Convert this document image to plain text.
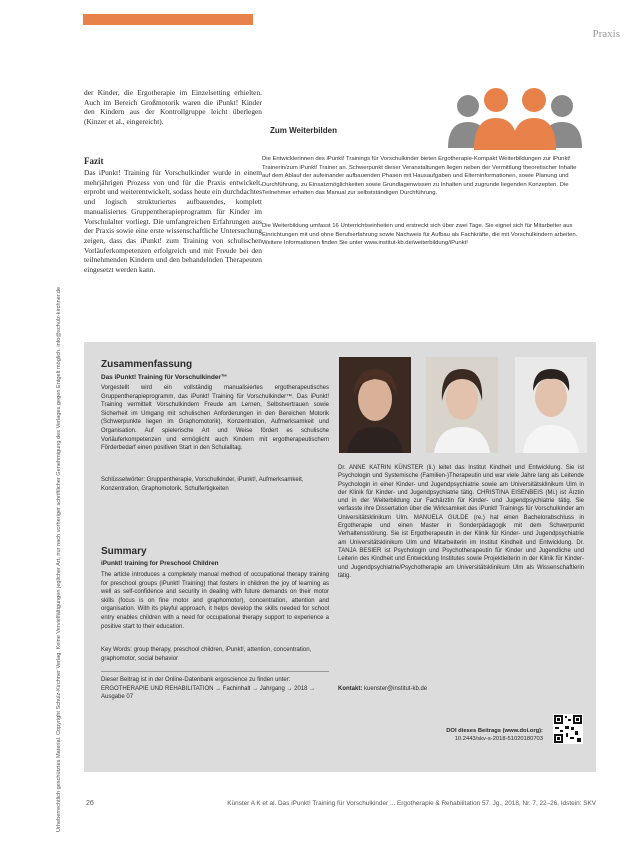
Praxis
Urheberrechtlich geschütztes Material. Copyright Schulz-Kirchner Verlag. Keine Vervielfältigungen jeglicher Art, nur nach vorheriger schriftlicher Genehmigung des Verlages gegen Entgelt möglich. info@schulz-kirchner.de
der Kinder, die Ergotherapie im Einzelsetting erhielten. Auch im Bereich Großmotorik waren die iPunkt! Kinder den Kindern aus der Kontrollgruppe leicht überlegen (Kinzer et al., eingereicht).
Fazit
Das iPunkt! Training für Vorschulkinder wurde in einem mehrjährigen Prozess von und für die Praxis entwickelt, erprobt und weiterentwickelt, sodass heute ein durchdachtes und logisch strukturiertes aufbauendes, komplett manualisiertes Gruppentherapieprogramm für Kinder im Vorschulalter vorliegt. Die umfangreichen Erfahrungen aus der Praxis sowie eine erste wissenschaftliche Untersuchung zeigen, dass das iPunkt! zum Training von schulischen Vorläuferkompetenzen erfolgreich und mit Freude bei den teilnehmenden Kindern und den behandelnden Therapeuten eingesetzt werden kann.
Zum Weiterbilden
Die Entwicklerinnen des iPunkt! Trainings für Vorschulkinder bieten Ergotherapie-Kompakt Weiterbildungen zur iPunkt! Trainerin/zum iPunkt! Trainer an. Schwerpunkt dieser Veranstaltungen liegen neben der Vermittlung theoretischer Inhalte auf dem Ablauf der aufeinander aufbauenden Phasen mit Hausaufgaben und Elterninformationen, sowie Planung und Durchführung, zu Einsatzmöglichkeiten sowie Grundlagenwissen zu Inhalten und zugrunde liegenden Konzepten. Die Teilnehmer erhalten das Manual zur selbstständigen Durchführung.
Die Weiterbildung umfasst 16 Unterrichtseinheiten und erstreckt sich über zwei Tage. Sie eignet sich für Mitarbeiter aus Einrichtungen mit und ohne Berufserfahrung sowie Nachweis für Aufbau als Fachkräfte, die mit Vorschulkindern arbeiten. Weitere Informationen finden Sie unter www.institut-kb.de/weiterbildung/iPunkt!
Zusammenfassung
Das iPunkt! Training für Vorschulkinder™
Vorgestellt wird ein vollständig manualisiertes ergotherapeutisches Gruppentherapieprogramm, das iPunkt! Training für Vorschulkinder™. Das iPunkt! Training vermittelt Vorschulkindern Freude am Lernen, Selbstvertrauen sowie Sicherheit im Umgang mit schulischen Anforderungen in den Bereichen Motorik (Schwerpunkte liegen im Graphomotorik), Konzentration, Aufmerksamkeit und Organisation. Auf spielerische Art und Weise fördert es schulische Vorläuferkompetenzen und ermöglicht auch Kindern mit ergotherapeutischem Förderbedarf einen positiven Start in den Schulalltag.
Schlüsselwörter: Gruppentherapie, Vorschulkinder, iPunkt!, Aufmerksamkeit, Konzentration, Graphomotorik, Schulfertigkeiten
Summary
iPunkt! training for Preschool Children
The article introduces a completely manual method of occupational therapy training for preschool groups (iPunkt! Training) that fosters in children the joy of learning as well as self-confidence and security in dealing with future demands on their motor skills (focus is on fine motor and graphomotor), concentration, attention and organisation. With its playful approach, it helps develop the skills needed for school entry enables children with a need for occupational therapy support to experience a positive start to their education.
Key Words: group therapy, preschool children, iPunkt!, attention, concentration, graphomotor, social behavior
Dieser Beitrag ist in der Online-Datenbank ergoscience zu finden unter: ERGOTHERAPIE UND REHABILITATION → Fachinhalt → Jahrgang → 2018 → Ausgabe 07
Dr. ANNE KATRIN KÜNSTER (li.) leitet das Institut Kindheit und Entwicklung. Sie ist Psychologin und Systemische (Familien-)Therapeutin und war viele Jahre lang als Leitende Psychologin in einer Kinder- und Jugendpsychiatrie sowie am Universitätsklinikum Ulm in der Klinik für Kinder- und Jugendpsychiatrie tätig. CHRISTINA EISENBEIS (Mi.) ist Ärztin und in der Weiterbildung zur Fachärztin für Kinder- und Jugendpsychiatrie tätig. Sie verfasste ihre Dissertation über die Wirksamkeit des iPunkt! Trainings für Vorschulkinder am Universitätsklinikum Ulm. MANUELA GULDE (re.) hat einen Bachelorabschluss in Ergotherapie und einen Master in Sonderpädagogik mit dem Schwerpunkt Verhaltensstörung. Sie ist Ergotherapeutin in der Klinik für Kinder- und Jugendpsychiatrie am Universitätsklinikum Ulm und Mitarbeiterin im Institut Kindheit und Entwicklung. Dr. TANJA BESIER ist Psychologin und Psychotherapeutin für Kinder und Jugendliche und Leiterin des Kindheit und Entwicklung Institutes sowie Projektleiterin in der Klinik für Kinder- und Jugendpsychiatrie/Psychotherapie am Universitätsklinikum Ulm als Wissenschaftlerin tätig.
Kontakt: kuenster@institut-kb.de
DOI dieses Beitrags (www.doi.org):
10.2443/skv-s-2018-51020180703
26	Künster A K et al. Das iPunkt! Training für Vorschulkinder ... Ergotherapie & Rehabilitation 57. Jg., 2018, Nr. 7, 22–26, Idstein: SKV
